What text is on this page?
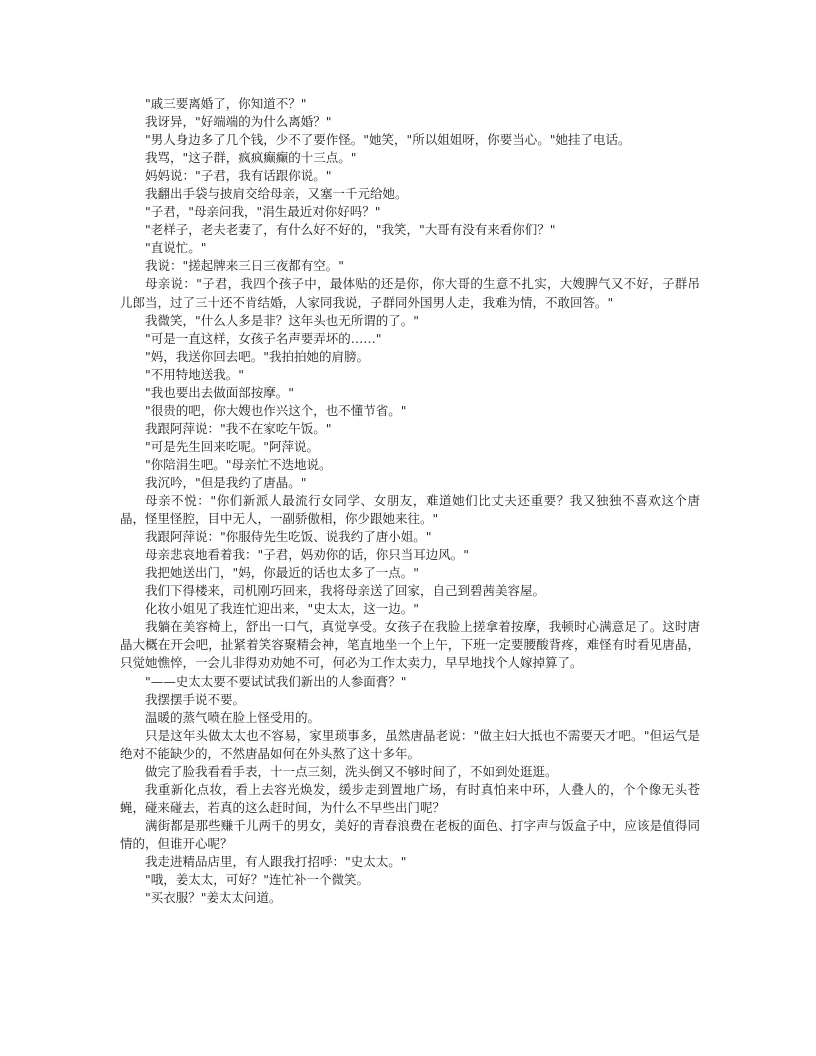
"戚三要离婚了，你知道不？"

我讶异，"好端端的为什么离婚？"

"男人身边多了几个钱，少不了要作怪。"她笑，"所以姐姐呀，你要当心。"她挂了电话。

我骂，"这子群，疯疯癫癫的十三点。"

妈妈说："子君，我有话跟你说。"

我翻出手袋与披肩交给母亲，又塞一千元给她。

"子君，"母亲问我，"涓生最近对你好吗？"

"老样子，老夫老妻了，有什么好不好的，"我笑，"大哥有没有来看你们？"

"直说忙。"

我说："搓起牌来三日三夜都有空。"

母亲说："子君，我四个孩子中，最体贴的还是你，你大哥的生意不扎实，大嫂脾气又不好，子群吊儿郎当，过了三十还不肯结婚，人家同我说，子群同外国男人走，我难为情，不敢回答。"

我微笑，"什么人多是非？这年头也无所谓的了。"

"可是一直这样，女孩子名声要弄坏的……"

"妈，我送你回去吧。"我拍拍她的肩膀。

"不用特地送我。"

"我也要出去做面部按摩。"

"很贵的吧，你大嫂也作兴这个，也不懂节省。"

我跟阿萍说："我不在家吃午饭。"

"可是先生回来吃呢。"阿萍说。

"你陪涓生吧。"母亲忙不迭地说。

我沉吟，"但是我约了唐晶。"

母亲不悦："你们新派人最流行女同学、女朋友，难道她们比丈夫还重要？我又独独不喜欢这个唐晶，怪里怪腔，目中无人，一副骄傲相，你少跟她来往。"

我跟阿萍说："你服侍先生吃饭、说我约了唐小姐。"

母亲悲哀地看着我："子君，妈劝你的话，你只当耳边风。"

我把她送出门，"妈，你最近的话也太多了一点。"

我们下得楼来，司机刚巧回来，我将母亲送了回家，自己到碧茜美容屋。

化妆小姐见了我连忙迎出来，"史太太，这一边。"

我躺在美容椅上，舒出一口气，真觉享受。女孩子在我脸上搓拿着按摩，我顿时心满意足了。这时唐晶大概在开会吧，扯紧着笑容聚精会神，笔直地坐一个上午，下班一定要腰酸背疼，难怪有时看见唐晶，只觉她憔悴，一会儿非得劝劝她不可，何必为工作太卖力，早早地找个人嫁掉算了。

"——史太太要不要试试我们新出的人参面膏？"

我摆摆手说不要。

温暖的蒸气喷在脸上怪受用的。

只是这年头做太太也不容易，家里琐事多，虽然唐晶老说："做主妇大抵也不需要天才吧。"但运气是绝对不能缺少的，不然唐晶如何在外头熬了这十多年。

做完了脸我看看手表，十一点三刻，洗头倒又不够时间了，不如到处逛逛。

我重新化点妆，看上去容光焕发，缓步走到置地广场，有时真怕来中环，人叠人的，个个像无头苍蝇，碰来碰去，若真的这么赶时间，为什么不早些出门呢？

满街都是那些赚千儿两千的男女，美好的青春浪费在老板的面色、打字声与饭盒子中，应该是值得同情的，但谁开心呢？

我走进精品店里，有人跟我打招呼："史太太。"

"哦，姜太太，可好？"连忙补一个微笑。

"买衣服？"姜太太问道。
